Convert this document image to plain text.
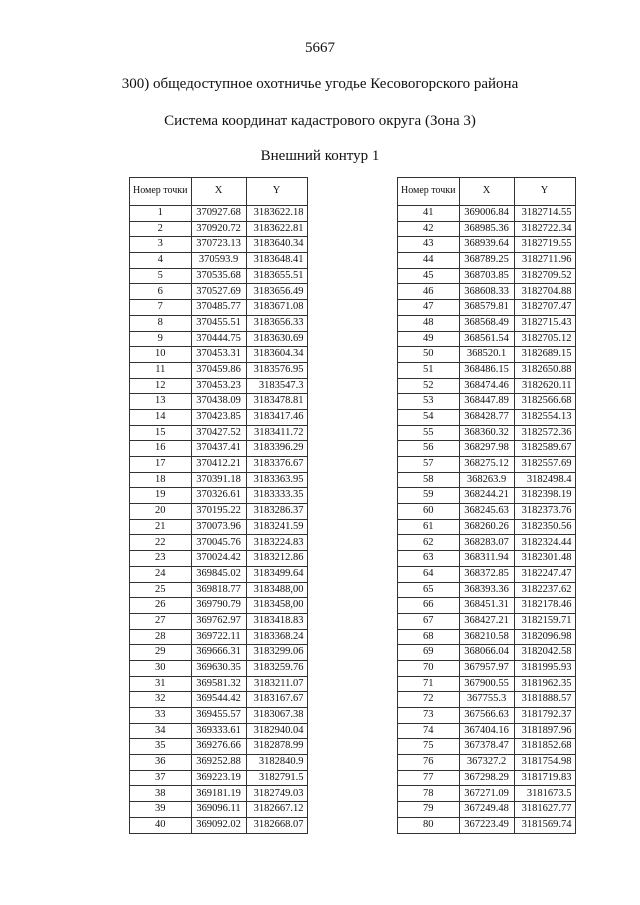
5667
300) общедоступное охотничье угодье Кесовогорского района
Система координат кадастрового округа (Зона 3)
Внешний контур 1
Номер точки	X	Y
1	370927.68	3183622.18
2	370920.72	3183622.81
3	370723.13	3183640.34
4	370593.9	3183648.41
5	370535.68	3183655.51
6	370527.69	3183656.49
7	370485.77	3183671.08
8	370455.51	3183656.33
9	370444.75	3183630.69
10	370453.31	3183604.34
11	370459.86	3183576.95
12	370453.23	3183547.3
13	370438.09	3183478.81
14	370423.85	3183417.46
15	370427.52	3183411.72
16	370437.41	3183396.29
17	370412.21	3183376.67
18	370391.18	3183363.95
19	370326.61	3183333.35
20	370195.22	3183286.37
21	370073.96	3183241.59
22	370045.76	3183224.83
23	370024.42	3183212.86
24	369845.02	3183499.64
25	369818.77	3183488,00
26	369790.79	3183458,00
27	369762.97	3183418.83
28	369722.11	3183368.24
29	369666.31	3183299.06
30	369630.35	3183259.76
31	369581.32	3183211.07
32	369544.42	3183167.67
33	369455.57	3183067.38
34	369333.61	3182940.04
35	369276.66	3182878.99
36	369252.88	3182840.9
37	369223.19	3182791.5
38	369181.19	3182749.03
39	369096.11	3182667.12
40	369092.02	3182668.07
Номер точки	X	Y
41	369006.84	3182714.55
42	368985.36	3182722.34
43	368939.64	3182719.55
44	368789.25	3182711.96
45	368703.85	3182709.52
46	368608.33	3182704.88
47	368579.81	3182707.47
48	368568.49	3182715.43
49	368561.54	3182705.12
50	368520.1	3182689.15
51	368486.15	3182650.88
52	368474.46	3182620.11
53	368447.89	3182566.68
54	368428.77	3182554.13
55	368360.32	3182572.36
56	368297.98	3182589.67
57	368275.12	3182557.69
58	368263.9	3182498.4
59	368244.21	3182398.19
60	368245.63	3182373.76
61	368260.26	3182350.56
62	368283.07	3182324.44
63	368311.94	3182301.48
64	368372.85	3182247.47
65	368393.36	3182237.62
66	368451.31	3182178.46
67	368427.21	3182159.71
68	368210.58	3182096.98
69	368066.04	3182042.58
70	367957.97	3181995.93
71	367900.55	3181962.35
72	367755.3	3181888.57
73	367566.63	3181792.37
74	367404.16	3181897.96
75	367378.47	3181852.68
76	367327.2	3181754.98
77	367298.29	3181719.83
78	367271.09	3181673.5
79	367249.48	3181627.77
80	367223.49	3181569.74
